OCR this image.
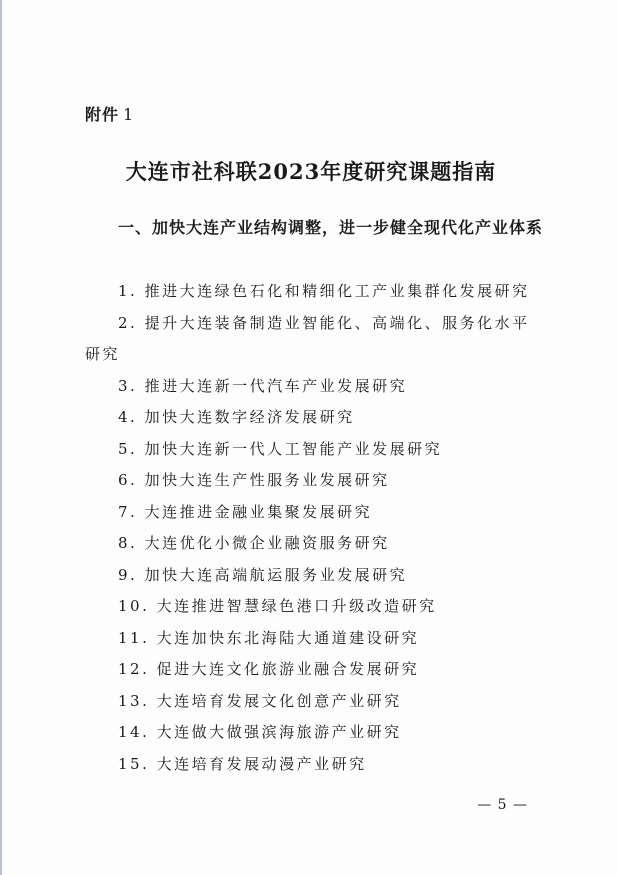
附件 1
大连市社科联2023年度研究课题指南
一、加快大连产业结构调整，进一步健全现代化产业体系
1. 推进大连绿色石化和精细化工产业集群化发展研究
2. 提升大连装备制造业智能化、高端化、服务化水平研究
3. 推进大连新一代汽车产业发展研究
4. 加快大连数字经济发展研究
5. 加快大连新一代人工智能产业发展研究
6. 加快大连生产性服务业发展研究
7. 大连推进金融业集聚发展研究
8. 大连优化小微企业融资服务研究
9. 加快大连高端航运服务业发展研究
10. 大连推进智慧绿色港口升级改造研究
11. 大连加快东北海陆大通道建设研究
12. 促进大连文化旅游业融合发展研究
13. 大连培育发展文化创意产业研究
14. 大连做大做强滨海旅游产业研究
15. 大连培育发展动漫产业研究
— 5 —
